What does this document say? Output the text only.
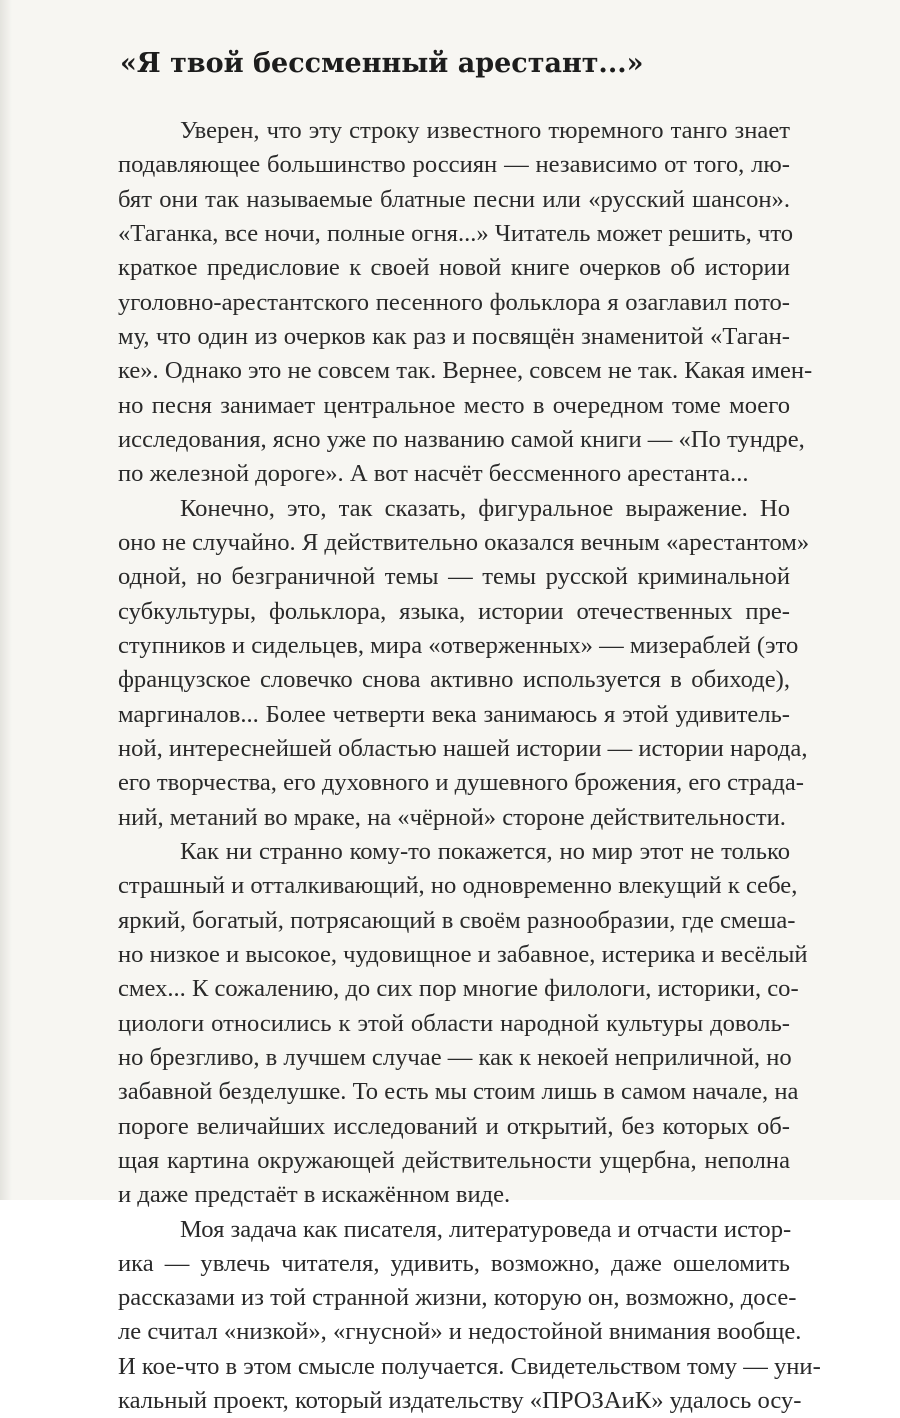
«Я твой бессменный арестант...»
Уверен, что эту строку известного тюремного танго знает
подавляющее большинство россиян — независимо от того, лю-
бят они так называемые блатные песни или «русский шансон».
«Таганка, все ночи, полные огня...» Читатель может решить, что
краткое предисловие к своей новой книге очерков об истории
уголовно-арестантского песенного фольклора я озаглавил пото-
му, что один из очерков как раз и посвящён знаменитой «Таган-
ке». Однако это не совсем так. Вернее, совсем не так. Какая имен-
но песня занимает центральное место в очередном томе моего
исследования, ясно уже по названию самой книги — «По тундре,
по железной дороге». А вот насчёт бессменного арестанта...
Конечно, это, так сказать, фигуральное выражение. Но
оно не случайно. Я действительно оказался вечным «арестантом»
одной, но безграничной темы — темы русской криминальной
субкультуры, фольклора, языка, истории отечественных пре-
ступников и сидельцев, мира «отверженных» — мизераблей (это
французское словечко снова активно используется в обиходе),
маргиналов... Более четверти века занимаюсь я этой удивитель-
ной, интереснейшей областью нашей истории — истории народа,
его творчества, его духовного и душевного брожения, его страда-
ний, метаний во мраке, на «чёрной» стороне действительности.
Как ни странно кому-то покажется, но мир этот не только
страшный и отталкивающий, но одновременно влекущий к себе,
яркий, богатый, потрясающий в своём разнообразии, где смеша-
но низкое и высокое, чудовищное и забавное, истерика и весёлый
смех... К сожалению, до сих пор многие филологи, историки, со-
циологи относились к этой области народной культуры доволь-
но брезгливо, в лучшем случае — как к некоей неприличной, но
забавной безделушке. То есть мы стоим лишь в самом начале, на
пороге величайших исследований и открытий, без которых об-
щая картина окружающей действительности ущербна, неполна
и даже предстаёт в искажённом виде.
Моя задача как писателя, литературоведа и отчасти истор-
ика — увлечь читателя, удивить, возможно, даже ошеломить
рассказами из той странной жизни, которую он, возможно, досе-
ле считал «низкой», «гнусной» и недостойной внимания вообще.
И кое-что в этом смысле получается. Свидетельством тому — уни-
кальный проект, который издательству «ПРОЗАиК» удалось осу-
